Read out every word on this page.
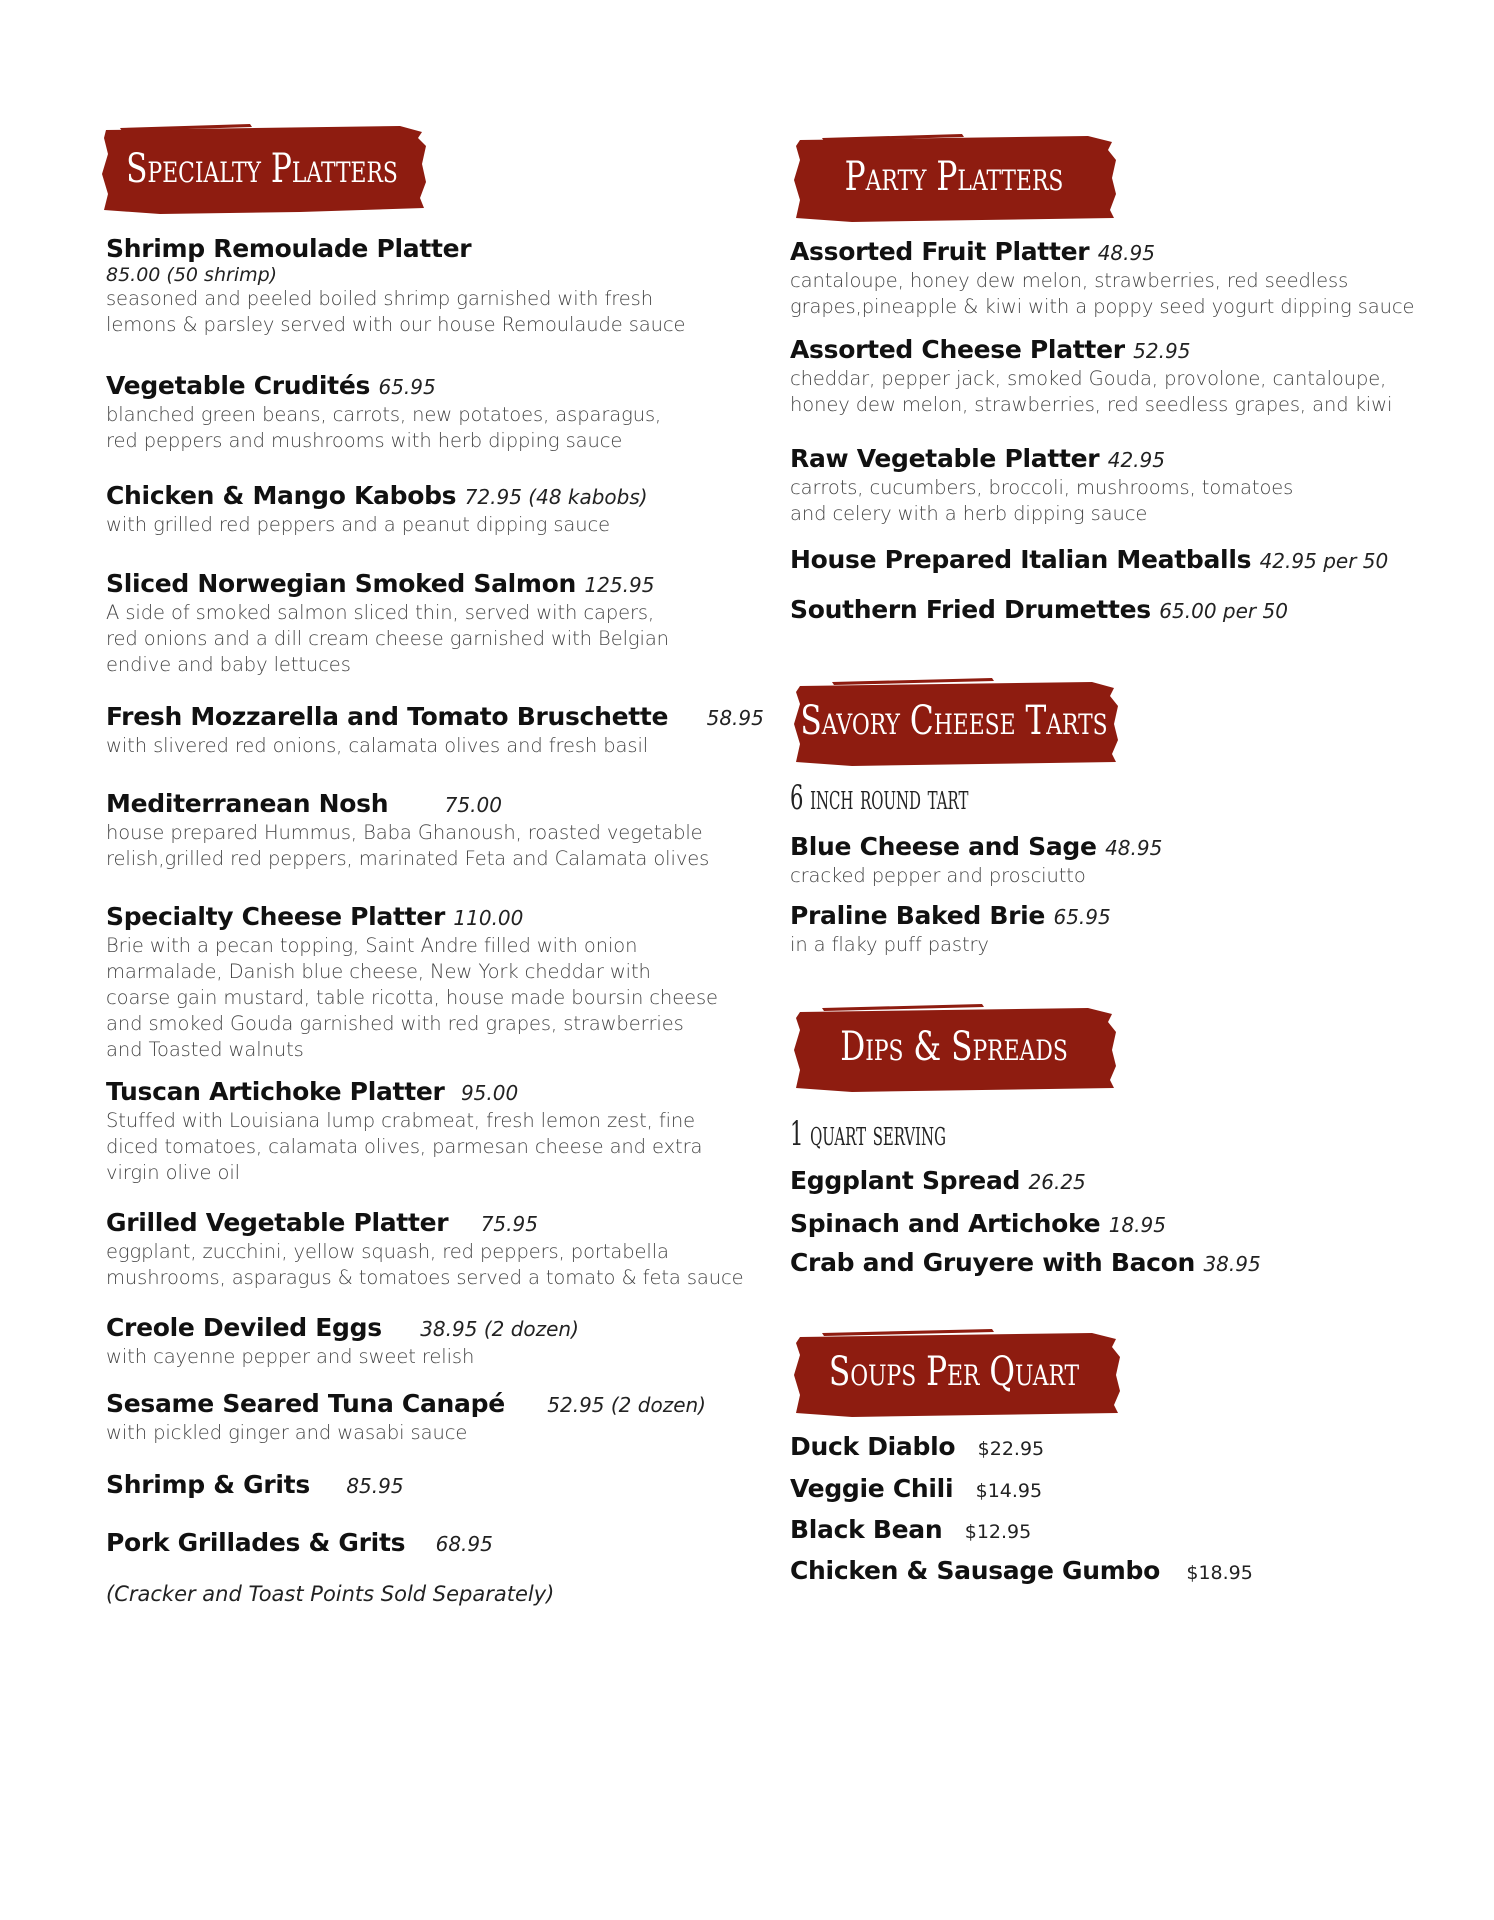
Specialty Platters
Shrimp Remoulade Platter
85.00 (50 shrimp)
seasoned and peeled boiled shrimp garnished with fresh
lemons & parsley served with our house Remoulaude sauce
Vegetable Crudités 65.95
blanched green beans, carrots, new potatoes, asparagus,
red peppers and mushrooms with herb dipping sauce
Chicken & Mango Kabobs 72.95 (48 kabobs)
with grilled red peppers and a peanut dipping sauce
Sliced Norwegian Smoked Salmon 125.95
A side of smoked salmon sliced thin, served with capers,
red onions and a dill cream cheese garnished with Belgian
endive and baby lettuces
Fresh Mozzarella and Tomato Bruschette 58.95
with slivered red onions, calamata olives and fresh basil
Mediterranean Nosh	75.00
house prepared Hummus, Baba Ghanoush, roasted vegetable
relish,grilled red peppers, marinated Feta and Calamata olives
Specialty Cheese Platter 110.00
Brie with a pecan topping, Saint Andre filled with onion
marmalade, Danish blue cheese, New York cheddar with
coarse gain mustard, table ricotta, house made boursin cheese
and smoked Gouda garnished with red grapes, strawberries
and Toasted walnuts
Tuscan Artichoke Platter 95.00
Stuffed with Louisiana lump crabmeat, fresh lemon zest, fine
diced tomatoes, calamata olives, parmesan cheese and extra
virgin olive oil
Grilled Vegetable Platter 75.95
eggplant, zucchini, yellow squash, red peppers, portabella
mushrooms, asparagus & tomatoes served a tomato & feta sauce
Creole Deviled Eggs 38.95 (2 dozen)
with cayenne pepper and sweet relish
Sesame Seared Tuna Canapé 52.95 (2 dozen)
with pickled ginger and wasabi sauce
Shrimp & Grits 85.95
Pork Grillades & Grits 68.95
(Cracker and Toast Points Sold Separately)
Party Platters
Assorted Fruit Platter 48.95
cantaloupe, honey dew melon, strawberries, red seedless
grapes,pineapple & kiwi with a poppy seed yogurt dipping sauce
Assorted Cheese Platter 52.95
cheddar, pepper jack, smoked Gouda, provolone, cantaloupe,
honey dew melon, strawberries, red seedless grapes, and kiwi
Raw Vegetable Platter 42.95
carrots, cucumbers, broccoli, mushrooms, tomatoes
and celery with a herb dipping sauce
House Prepared Italian Meatballs 42.95 per 50
Southern Fried Drumettes 65.00 per 50
Savory Cheese Tarts
6 inch round tart
Blue Cheese and Sage 48.95
cracked pepper and prosciutto
Praline Baked Brie 65.95
in a flaky puff pastry
Dips & Spreads
1 quart serving
Eggplant Spread 26.25
Spinach and Artichoke 18.95
Crab and Gruyere with Bacon 38.95
Soups Per Quart
Duck Diablo $22.95
Veggie Chili $14.95
Black Bean $12.95
Chicken & Sausage Gumbo $18.95
